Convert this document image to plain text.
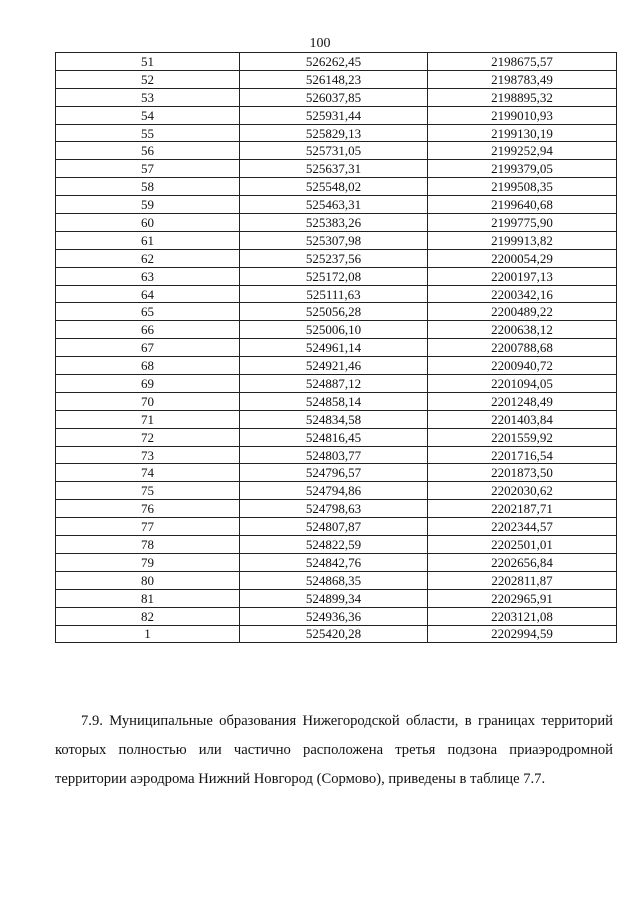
100
51	526262,45	2198675,57
52	526148,23	2198783,49
53	526037,85	2198895,32
54	525931,44	2199010,93
55	525829,13	2199130,19
56	525731,05	2199252,94
57	525637,31	2199379,05
58	525548,02	2199508,35
59	525463,31	2199640,68
60	525383,26	2199775,90
61	525307,98	2199913,82
62	525237,56	2200054,29
63	525172,08	2200197,13
64	525111,63	2200342,16
65	525056,28	2200489,22
66	525006,10	2200638,12
67	524961,14	2200788,68
68	524921,46	2200940,72
69	524887,12	2201094,05
70	524858,14	2201248,49
71	524834,58	2201403,84
72	524816,45	2201559,92
73	524803,77	2201716,54
74	524796,57	2201873,50
75	524794,86	2202030,62
76	524798,63	2202187,71
77	524807,87	2202344,57
78	524822,59	2202501,01
79	524842,76	2202656,84
80	524868,35	2202811,87
81	524899,34	2202965,91
82	524936,36	2203121,08
1	525420,28	2202994,59

7.9. Муниципальные образования Нижегородской области, в границах территорий которых полностью или частично расположена третья подзона приаэродромной территории аэродрома Нижний Новгород (Сормово), приведены в таблице 7.7.
